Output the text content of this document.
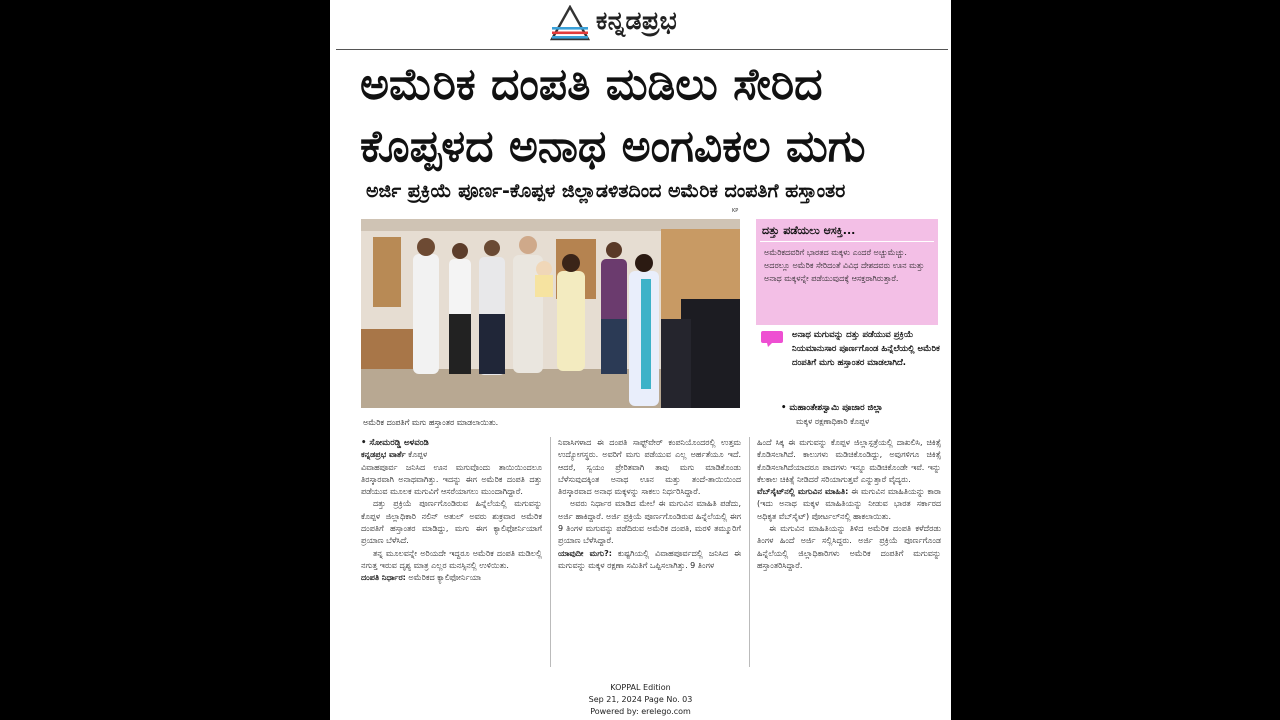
ಕನ್ನಡಪ್ರಭ
ಅಮೆರಿಕ ದಂಪತಿ ಮಡಿಲು ಸೇರಿದ
ಕೊಪ್ಪಳದ ಅನಾಥ ಅಂಗವಿಕಲ ಮಗು
ಅರ್ಜಿ ಪ್ರಕ್ರಿಯೆ ಪೂರ್ಣ-ಕೊಪ್ಪಳ ಜಿಲ್ಲಾಡಳಿತದಿಂದ ಅಮೆರಿಕ ದಂಪತಿಗೆ ಹಸ್ತಾಂತರ
KP
ಅಮೆರಿಕ ದಂಪತಿಗೆ ಮಗು ಹಸ್ತಾಂತರ ಮಾಡಲಾಯಿತು.
ದತ್ತು ಪಡೆಯಲು ಆಸಕ್ತಿ...
ಅಮೆರಿಕದವರಿಗೆ ಭಾರತದ ಮಕ್ಕಳು ಎಂದರೆ ಅಚ್ಚುಮೆಚ್ಚು. ಅದರಲ್ಲೂ ಅಮೆರಿಕ ಸೇರಿದಂತೆ ವಿವಿಧ ದೇಶದವರು ಊನ ಮತ್ತು ಅನಾಥ ಮಕ್ಕಳನ್ನೇ ಪಡೆಯುವುದಕ್ಕೆ ಆಸಕ್ತರಾಗಿರುತ್ತಾರೆ.
ಅನಾಥ ಮಗುವನ್ನು ದತ್ತು ಪಡೆಯುವ ಪ್ರಕ್ರಿಯೆ ನಿಯಮಾನುಸಾರ ಪೂರ್ಣಗೊಂಡ ಹಿನ್ನೆಲೆಯಲ್ಲಿ ಅಮೆರಿಕ ದಂಪತಿಗೆ ಮಗು ಹಸ್ತಾಂತರ ಮಾಡಲಾಗಿದೆ.
• ಮಹಾಂತೇಶಸ್ವಾಮಿ ಪೂಜಾರ ಜಿಲ್ಲಾ
ಮಕ್ಕಳ ರಕ್ಷಣಾಧಿಕಾರಿ ಕೊಪ್ಪಳ

• ಸೋಮರಡ್ಡಿ ಅಳವಂಡಿ

ಕನ್ನಡಪ್ರಭ ವಾರ್ತೆ ಕೊಪ್ಪಳ

ವಿವಾಹಪೂರ್ವ ಜನಿಸಿದ ಊನ ಮಗುವೊಂದು ತಾಯಿಯಿಂದಲೂ ತಿರಸ್ಕಾರವಾಗಿ ಅನಾಥವಾಗಿತ್ತು. ಇದನ್ನು ಈಗ ಅಮೆರಿಕ ದಂಪತಿ ದತ್ತು ಪಡೆಯುವ ಮೂಲಕ ಮಗುವಿಗೆ ಆಸರೆಯಾಗಲು ಮುಂದಾಗಿದ್ದಾರೆ.

ದತ್ತು ಪ್ರಕ್ರಿಯೆ ಪೂರ್ಣಗೊಂಡಿರುವ ಹಿನ್ನೆಲೆಯಲ್ಲಿ ಮಗುವನ್ನು ಕೊಪ್ಪಳ ಜಿಲ್ಲಾಧಿಕಾರಿ ನಲಿನ್ ಅತುಲ್ ಅವರು ಶುಕ್ರವಾರ ಅಮೆರಿಕ ದಂಪತಿಗೆ ಹಸ್ತಾಂತರ ಮಾಡಿದ್ದು, ಮಗು ಈಗ ಕ್ಯಾಲಿಫೋರ್ನಿಯಾಗೆ ಪ್ರಯಾಣ ಬೆಳೆಸಿದೆ.

ತನ್ನ ಮೂಲವನ್ನೇ ಅರಿಯದೇ ಇದ್ದರೂ ಅಮೆರಿಕ ದಂಪತಿ ಮಡಿಲಲ್ಲಿ ನಗುತ್ತ ಇರುವ ದೃಶ್ಯ ಮಾತ್ರ ಎಲ್ಲರ ಮನಸ್ಸಿನಲ್ಲಿ ಉಳಿಯಿತು.

ದಂಪತಿ ನಿರ್ಧಾರ: ಅಮೆರಿಕದ ಕ್ಯಾಲಿಫೋರ್ನಿಯಾ

ನಿವಾಸಿಗಳಾದ ಈ ದಂಪತಿ ಸಾಫ್ಟ್‌ವೇರ್ ಕಂಪನಿಯೊಂದರಲ್ಲಿ ಉತ್ತಮ ಉದ್ಯೋಗಸ್ಥರು. ಅವರಿಗೆ ಮಗು ಪಡೆಯುವ ಎಲ್ಲ ಅರ್ಹತೆಯೂ ಇದೆ. ಆದರೆ, ಸ್ವಯಂ ಪ್ರೇರಿತವಾಗಿ ತಾವು ಮಗು ಮಾಡಿಕೊಂಡು ಬೆಳೆಸುವುದಕ್ಕಿಂತ ಅನಾಥ ಊನ ಮತ್ತು ತಂದೆ-ತಾಯಿಯಿಂದ ತಿರಸ್ಕಾರವಾದ ಅನಾಥ ಮಕ್ಕಳನ್ನು ಸಾಕಲು ನಿರ್ಧರಿಸಿದ್ದಾರೆ.

ಅವರು ನಿರ್ಧಾರ ಮಾಡಿದ ಮೇಲೆ ಈ ಮಗುವಿನ ಮಾಹಿತಿ ಪಡೆದು, ಅರ್ಜಿ ಹಾಕಿದ್ದಾರೆ. ಅರ್ಜಿ ಪ್ರಕ್ರಿಯೆ ಪೂರ್ಣಗೊಂಡಿರುವ ಹಿನ್ನೆಲೆಯಲ್ಲಿ ಈಗ 9 ತಿಂಗಳ ಮಗುವನ್ನು ಪಡೆದಿರುವ ಅಮೆರಿಕ ದಂಪತಿ, ಮರಳಿ ತಮ್ಮೂರಿಗೆ ಪ್ರಯಾಣ ಬೆಳೆಸಿದ್ದಾರೆ.

ಯಾವುದೀ ಮಗು?: ಕುಷ್ಟಗಿಯಲ್ಲಿ ವಿವಾಹಪೂರ್ವದಲ್ಲಿ ಜನಿಸಿದ ಈ ಮಗುವನ್ನು ಮಕ್ಕಳ ರಕ್ಷಣಾ ಸಮಿತಿಗೆ ಒಪ್ಪಿಸಲಾಗಿತ್ತು. 9 ತಿಂಗಳ

ಹಿಂದೆ ಸಿಕ್ಕ ಈ ಮಗುವನ್ನು ಕೊಪ್ಪಳ ಜಿಲ್ಲಾಸ್ಪತ್ರೆಯಲ್ಲಿ ದಾಖಲಿಸಿ, ಚಿಕಿತ್ಸೆ ಕೊಡಿಸಲಾಗಿದೆ. ಕಾಲುಗಳು ಮಡಿಚಿಕೊಂಡಿದ್ದು, ಅವುಗಳಿಗೂ ಚಿಕಿತ್ಸೆ ಕೊಡಿಸಲಾಗಿದೆಯಾದರೂ ಪಾದಗಳು ಇನ್ನೂ ಮಡಿಚಿಕೊಂಡೇ ಇವೆ. ಇನ್ನು ಕೆಲಕಾಲ ಚಿಕಿತ್ಸೆ ನೀಡಿದರೆ ಸರಿಯಾಗುತ್ತವೆ ಎನ್ನುತ್ತಾರೆ ವೈದ್ಯರು.

ವೆಬ್‌ಸೈಟ್‌ನಲ್ಲಿ ಮಗುವಿನ ಮಾಹಿತಿ: ಈ ಮಗುವಿನ ಮಾಹಿತಿಯನ್ನು ಕಾರಾ (ಇದು ಅನಾಥ ಮಕ್ಕಳ ಮಾಹಿತಿಯನ್ನು ನೀಡುವ ಭಾರತ ಸರ್ಕಾರದ ಅಧಿಕೃತ ವೆಬ್‌ಸೈಟ್) ಪೋರ್ಟಲ್‌ನಲ್ಲಿ ಹಾಕಲಾಯಿತು.

ಈ ಮಗುವಿನ ಮಾಹಿತಿಯನ್ನು ತಿಳಿದ ಅಮೆರಿಕ ದಂಪತಿ ಕಳೆದೆರಡು ತಿಂಗಳ ಹಿಂದೆ ಅರ್ಜಿ ಸಲ್ಲಿಸಿದ್ದರು. ಅರ್ಜಿ ಪ್ರಕ್ರಿಯೆ ಪೂರ್ಣಗೊಂಡ ಹಿನ್ನೆಲೆಯಲ್ಲಿ ಜಿಲ್ಲಾಧಿಕಾರಿಗಳು ಅಮೆರಿಕ ದಂಪತಿಗೆ ಮಗುವನ್ನು ಹಸ್ತಾಂತರಿಸಿದ್ದಾರೆ.

KOPPAL Edition
Sep 21, 2024 Page No. 03
Powered by: erelego.com
